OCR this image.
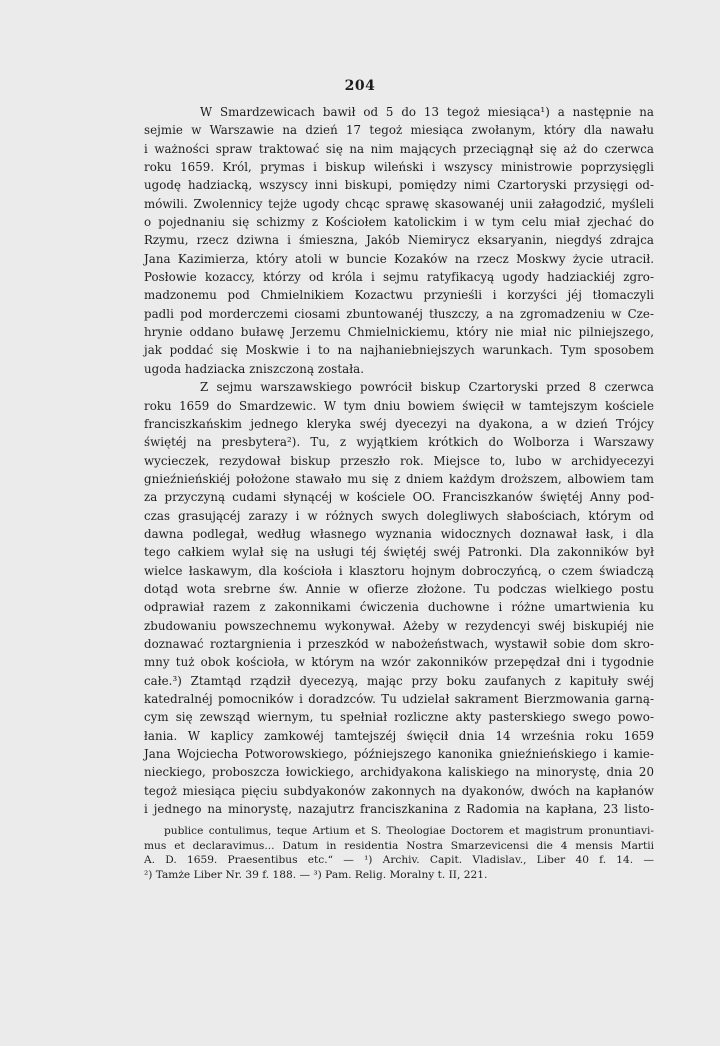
204
W Smardzewicach bawił od 5 do 13 tegoż miesiąca¹) a następnie na
sejmie w Warszawie na dzień 17 tegoż miesiąca zwołanym, który dla nawału
i ważności spraw traktować się na nim mających przeciągnął się aż do czerwca
roku 1659. Król, prymas i biskup wileński i wszyscy ministrowie poprzysięgli
ugodę hadziacką, wszyscy inni biskupi, pomiędzy nimi Czartoryski przysięgi od-
mówili. Zwolennicy tejże ugody chcąc sprawę skasowanéj unii załagodzić, myśleli
o pojednaniu się schizmy z Kościołem katolickim i w tym celu miał zjechać do
Rzymu, rzecz dziwna i śmieszna, Jakób Niemirycz eksaryanin, niegdyś zdrajca
Jana Kazimierza, który atoli w buncie Kozaków na rzecz Moskwy życie utracił.
Posłowie kozaccy, którzy od króla i sejmu ratyfikacyą ugody hadziackiéj zgro-
madzonemu pod Chmielnikiem Kozactwu przynieśli i korzyści jéj tłomaczyli
padli pod morderczemi ciosami zbuntowanéj tłuszczy, a na zgromadzeniu w Cze-
hrynie oddano buławę Jerzemu Chmielnickiemu, który nie miał nic pilniejszego,
jak poddać się Moskwie i to na najhaniebniejszych warunkach. Tym sposobem
ugoda hadziacka zniszczoną została.
Z sejmu warszawskiego powrócił biskup Czartoryski przed 8 czerwca
roku 1659 do Smardzewic. W tym dniu bowiem święcił w tamtejszym kościele
franciszkańskim jednego kleryka swéj dyecezyi na dyakona, a w dzień Trójcy
świętéj na presbytera²). Tu, z wyjątkiem krótkich do Wolborza i Warszawy
wycieczek, rezydował biskup przeszło rok. Miejsce to, lubo w archidyecezyi
gnieźnieńskiéj położone stawało mu się z dniem każdym droższem, albowiem tam
za przyczyną cudami słynącéj w kościele OO. Franciszkanów świętéj Anny pod-
czas grasującéj zarazy i w różnych swych dolegliwych słabościach, którym od
dawna podlegał, według własnego wyznania widocznych doznawał łask, i dla
tego całkiem wylał się na usługi téj świętéj swéj Patronki. Dla zakonników był
wielce łaskawym, dla kościoła i klasztoru hojnym dobroczyńcą, o czem świadczą
dotąd wota srebrne św. Annie w ofierze złożone. Tu podczas wielkiego postu
odprawiał razem z zakonnikami ćwiczenia duchowne i różne umartwienia ku
zbudowaniu powszechnemu wykonywał. Ażeby w rezydencyi swéj biskupiéj nie
doznawać roztargnienia i przeszkód w nabożeństwach, wystawił sobie dom skro-
mny tuż obok kościoła, w którym na wzór zakonników przepędzał dni i tygodnie
całe.³) Ztamtąd rządził dyecezyą, mając przy boku zaufanych z kapituły swéj
katedralnéj pomocników i doradzców. Tu udzielał sakrament Bierzmowania garną-
cym się zewsząd wiernym, tu spełniał rozliczne akty pasterskiego swego powo-
łania. W kaplicy zamkowéj tamtejszéj święcił dnia 14 września roku 1659
Jana Wojciecha Potworowskiego, późniejszego kanonika gnieźnieńskiego i kamie-
nieckiego, proboszcza łowickiego, archidyakona kaliskiego na minorystę, dnia 20
tegoż miesiąca pięciu subdyakonów zakonnych na dyakonów, dwóch na kapłanów
i jednego na minorystę, nazajutrz franciszkanina z Radomia na kapłana, 23 listo-
publice contulimus, teque Artium et S. Theologiae Doctorem et magistrum pronuntiavi-
mus et declaravimus... Datum in residentia Nostra Smarzevicensi die 4 mensis Martii
A. D. 1659. Praesentibus etc.“ — ¹) Archiv. Capit. Vladislav., Liber 40 f. 14. —
²) Tamże Liber Nr. 39 f. 188. — ³) Pam. Relig. Moralny t. II, 221.
